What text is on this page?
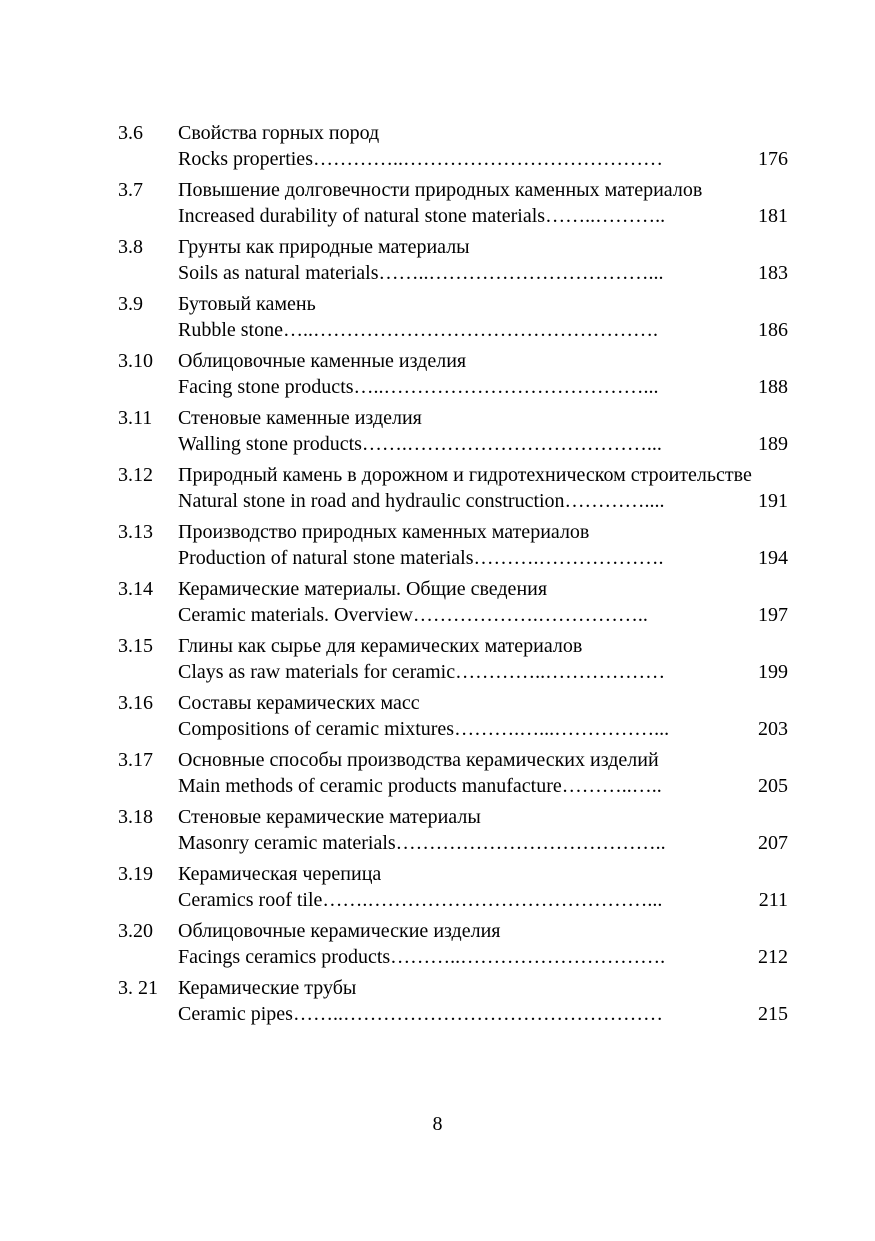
3.6	Свойства горных пород	
	Rocks properties…………..…………………………………	176
3.7	Повышение долговечности природных каменных материалов	
	Increased durability of natural stone materials……..………..	181
3.8	Грунты как природные материалы	
	Soils as natural materials……..……………………………...	183
3.9	Бутовый камень	
	Rubble stone…..…………………………………………….	186
3.10	Облицовочные каменные изделия	
	Facing stone products…..…………………………………...	188
3.11	Стеновые каменные изделия	
	Walling stone products…….………………………………...	189
3.12	Природный камень в дорожном и гидротехническом строительстве	
	Natural stone in road and hydraulic construction…………....	191
3.13	Производство природных каменных материалов	
	Production of natural stone materials……….……………….	194
3.14	Керамические материалы. Общие сведения	
	Ceramic materials. Overview……………….……………..	197
3.15	Глины как сырье для керамических материалов	
	Clays as raw materials for ceramic…………..………………	199
3.16	Составы керамических масс	
	Compositions of ceramic mixtures……….…...……………...	203
3.17	Основные способы производства керамических изделий	
	Main methods of ceramic products manufacture………..…..	205
3.18	Стеновые керамические материалы	
	Masonry ceramic materials…………………………………..	207
3.19	Керамическая черепица	
	Ceramics roof tile…….……………………………………...	211
3.20	Облицовочные керамические изделия	
	Facings ceramics products………..………………………….	212
3. 21	Керамические трубы	
	Ceramic pipes……..…………………………………………	215
8
